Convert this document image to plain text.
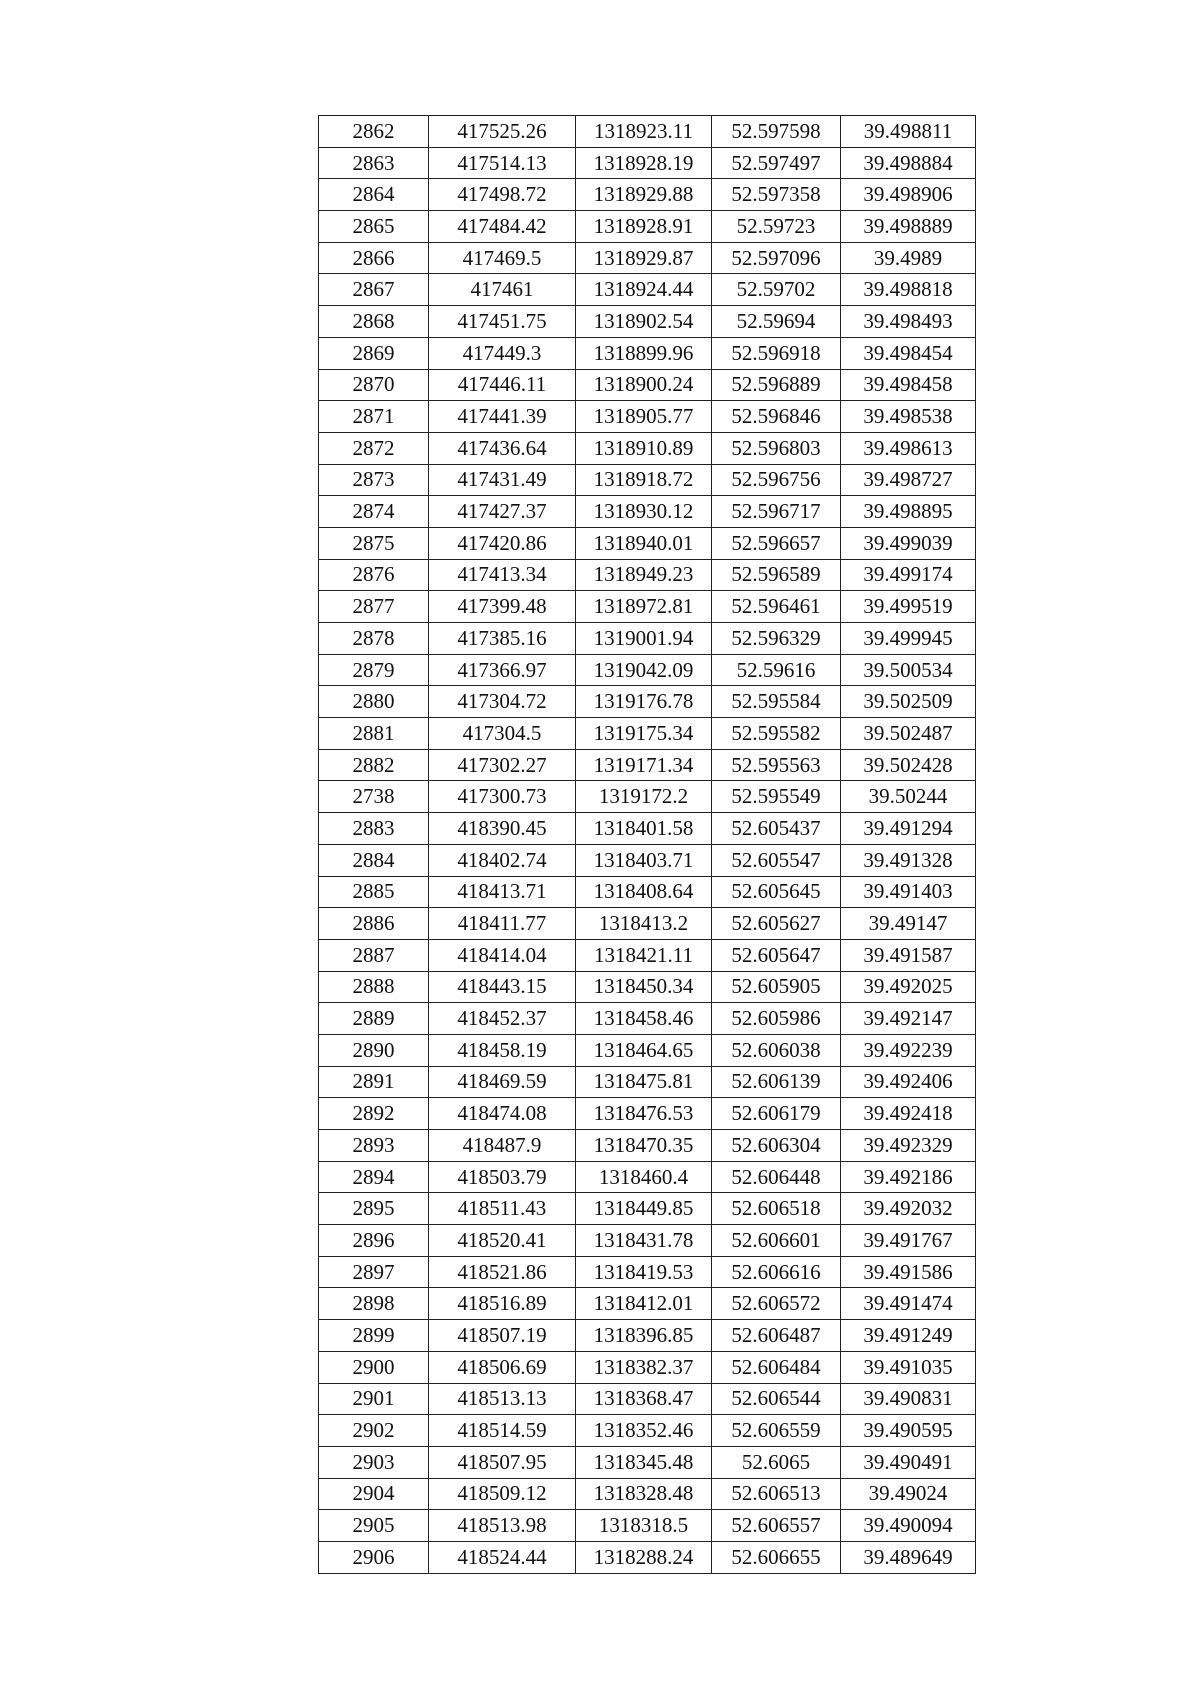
2862	417525.26	1318923.11	52.597598	39.498811
2863	417514.13	1318928.19	52.597497	39.498884
2864	417498.72	1318929.88	52.597358	39.498906
2865	417484.42	1318928.91	52.59723	39.498889
2866	417469.5	1318929.87	52.597096	39.4989
2867	417461	1318924.44	52.59702	39.498818
2868	417451.75	1318902.54	52.59694	39.498493
2869	417449.3	1318899.96	52.596918	39.498454
2870	417446.11	1318900.24	52.596889	39.498458
2871	417441.39	1318905.77	52.596846	39.498538
2872	417436.64	1318910.89	52.596803	39.498613
2873	417431.49	1318918.72	52.596756	39.498727
2874	417427.37	1318930.12	52.596717	39.498895
2875	417420.86	1318940.01	52.596657	39.499039
2876	417413.34	1318949.23	52.596589	39.499174
2877	417399.48	1318972.81	52.596461	39.499519
2878	417385.16	1319001.94	52.596329	39.499945
2879	417366.97	1319042.09	52.59616	39.500534
2880	417304.72	1319176.78	52.595584	39.502509
2881	417304.5	1319175.34	52.595582	39.502487
2882	417302.27	1319171.34	52.595563	39.502428
2738	417300.73	1319172.2	52.595549	39.50244
2883	418390.45	1318401.58	52.605437	39.491294
2884	418402.74	1318403.71	52.605547	39.491328
2885	418413.71	1318408.64	52.605645	39.491403
2886	418411.77	1318413.2	52.605627	39.49147
2887	418414.04	1318421.11	52.605647	39.491587
2888	418443.15	1318450.34	52.605905	39.492025
2889	418452.37	1318458.46	52.605986	39.492147
2890	418458.19	1318464.65	52.606038	39.492239
2891	418469.59	1318475.81	52.606139	39.492406
2892	418474.08	1318476.53	52.606179	39.492418
2893	418487.9	1318470.35	52.606304	39.492329
2894	418503.79	1318460.4	52.606448	39.492186
2895	418511.43	1318449.85	52.606518	39.492032
2896	418520.41	1318431.78	52.606601	39.491767
2897	418521.86	1318419.53	52.606616	39.491586
2898	418516.89	1318412.01	52.606572	39.491474
2899	418507.19	1318396.85	52.606487	39.491249
2900	418506.69	1318382.37	52.606484	39.491035
2901	418513.13	1318368.47	52.606544	39.490831
2902	418514.59	1318352.46	52.606559	39.490595
2903	418507.95	1318345.48	52.6065	39.490491
2904	418509.12	1318328.48	52.606513	39.49024
2905	418513.98	1318318.5	52.606557	39.490094
2906	418524.44	1318288.24	52.606655	39.489649
